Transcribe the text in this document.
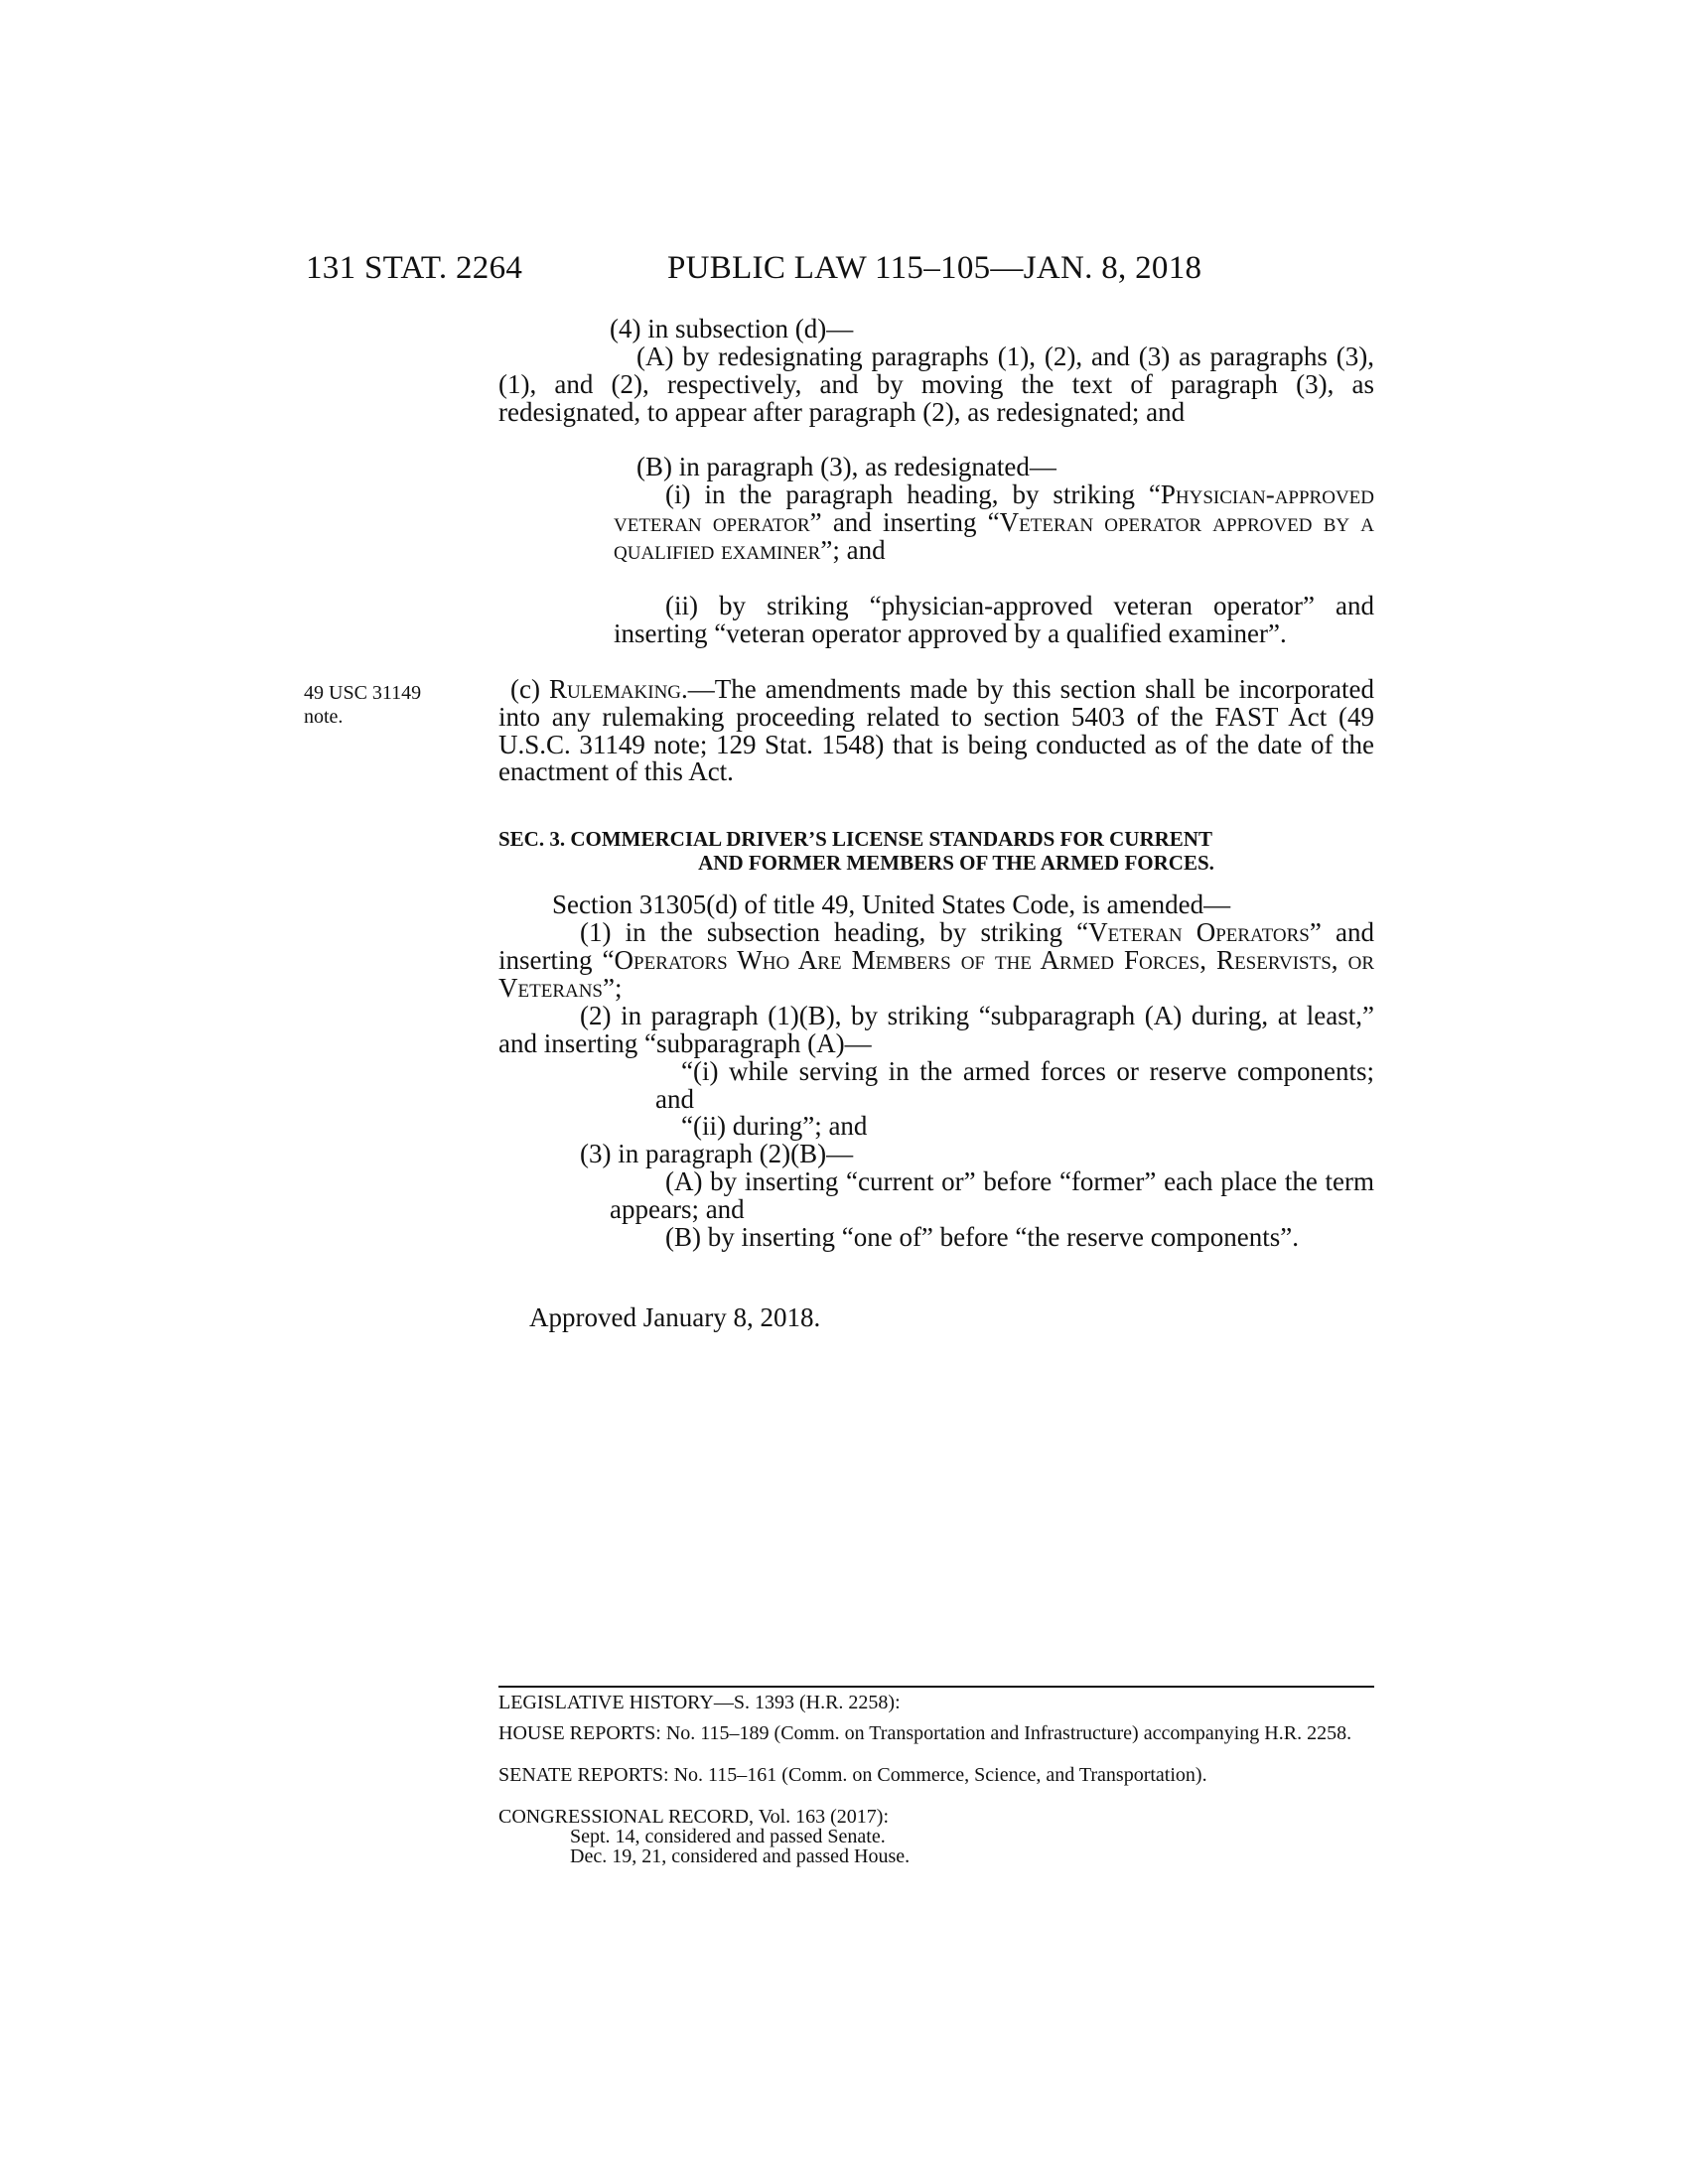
131 STAT. 2264	PUBLIC LAW 115–105—JAN. 8, 2018
49 USC 31149
note.

(4) in subsection (d)—

(A) by redesignating paragraphs (1), (2), and (3) as paragraphs (3), (1), and (2), respectively, and by moving the text of paragraph (3), as redesignated, to appear after paragraph (2), as redesignated; and

(B) in paragraph (3), as redesignated—

(i) in the paragraph heading, by striking “Physician-approved veteran operator” and inserting “Veteran operator approved by a qualified examiner”; and

(ii) by striking “physician-approved veteran operator” and inserting “veteran operator approved by a qualified examiner”.

(c) Rulemaking.—The amendments made by this section shall be incorporated into any rulemaking proceeding related to section 5403 of the FAST Act (49 U.S.C. 31149 note; 129 Stat. 1548) that is being conducted as of the date of the enactment of this Act.

SEC. 3. COMMERCIAL DRIVER’S LICENSE STANDARDS FOR CURRENT
AND FORMER MEMBERS OF THE ARMED FORCES.

Section 31305(d) of title 49, United States Code, is amended—

(1) in the subsection heading, by striking “Veteran Operators” and inserting “Operators Who Are Members of the Armed Forces, Reservists, or Veterans”;

(2) in paragraph (1)(B), by striking “subparagraph (A) during, at least,” and inserting “subparagraph (A)—

“(i) while serving in the armed forces or reserve components; and

“(ii) during”; and

(3) in paragraph (2)(B)—

(A) by inserting “current or” before “former” each place the term appears; and

(B) by inserting “one of” before “the reserve components”.

Approved January 8, 2018.

LEGISLATIVE HISTORY—S. 1393 (H.R. 2258):

HOUSE REPORTS: No. 115–189 (Comm. on Transportation and Infrastructure) accompanying H.R. 2258.

SENATE REPORTS: No. 115–161 (Comm. on Commerce, Science, and Transportation).

CONGRESSIONAL RECORD, Vol. 163 (2017):

Sept. 14, considered and passed Senate.

Dec. 19, 21, considered and passed House.
